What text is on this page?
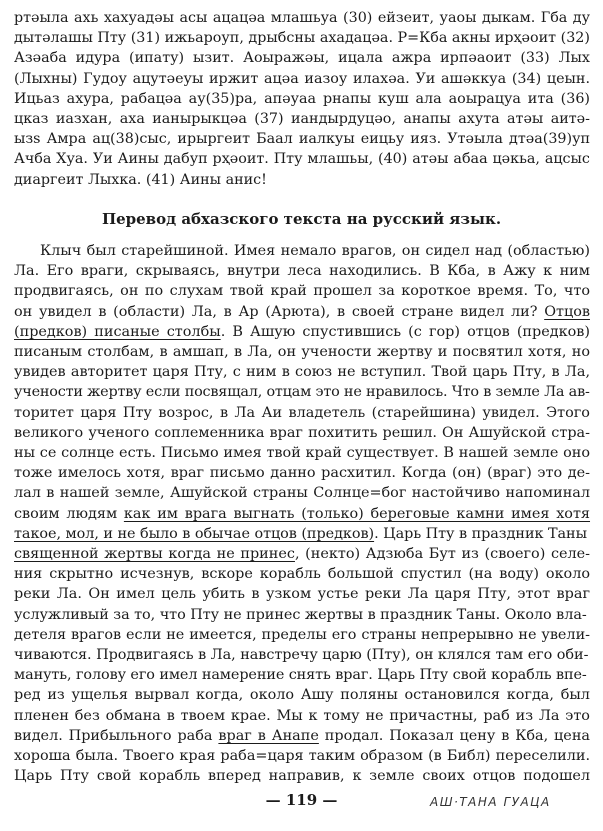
ртәыла ахь хахуадәы асы ацацәа млашьуа (30) ейзеит, уаоы дыкам. Гба ду
дытәлашы Пту (31) ижьароуп, дрыбсны ахадацәа. Р=Кба акны ирҳәоит (32)
Азәаба идура (ипату) ызит. Аоыражәы, ицала ажра ирпәаоит (33) Лых
(Лыхны) Гудоу ацутәеуы иржит ацәа иазоу илахәа. Уи ашәккуа (34) цеын.
Ицьаз ахура, рабацәа ау(35)ра, апәуаа рнапы куш ала аоырацуа ита (36)
цказ иазхан, аха ианырыкцәа (37) иандырдуцәо, анапы ахута атәы аитә-
ызs Амра ац(38)сыс, ирыргеит Баал иалкуы еицьу ияз. Утәыла дтәа(39)уп
Ачба Хуа. Уи Аины дабуп рҳәоит. Пту млашьы, (40) атәы абаа цәкьа, ацсыс
диаргеит Лыхка. (41) Аины анис!
Перевод абхазского текста на русский язык.
Клыч был старейшиной. Имея немало врагов, он сидел над (областью)
Ла. Его враги, скрываясь, внутри леса находились. В Кба, в Ажу к ним
продвигаясь, он по слухам твой край прошел за короткое время. То, что
он увидел в (области) Ла, в Ар (Арюта), в своей стране видел ли? Отцов
(предков) писаные столбы. В Ашую спустившись (с гор) отцов (предков)
писаным столбам, в амшап, в Ла, он учености жертву и посвятил хотя, но
увидев авторитет царя Пту, с ним в союз не вступил. Твой царь Пту, в Ла,
учености жертву если посвящал, отцам это не нравилось. Что в земле Ла ав-
торитет царя Пту возрос, в Ла Аи владетель (старейшина) увидел. Этого
великого ученого соплеменника враг похитить решил. Он Ашуйской стра-
ны се солнце есть. Письмо имея твой край существует. В нашей земле оно
тоже имелось хотя, враг письмо данно расхитил. Когда (он) (враг) это де-
лал в нашей земле, Ашуйской страны Солнце=бог настойчиво напоминал
своим людям как им врага выгнать (только) береговые камни имея хотя
такое, мол, и не было в обычае отцов (предков). Царь Пту в праздник Таны
священной жертвы когда не принес, (некто) Адзюба Бут из (своего) селе-
ния скрытно исчезнув, вскоре корабль большой спустил (на воду) около
реки Ла. Он имел цель убить в узком устье реки Ла царя Пту, этот враг
услужливый за то, что Пту не принес жертвы в праздник Таны. Около вла-
детеля врагов если не имеется, пределы его страны непрерывно не увели-
чиваются. Продвигаясь в Ла, навстречу царю (Пту), он клялся там его оби-
мануть, голову его имел намерение снять враг. Царь Пту свой корабль впе-
ред из ущелья вырвал когда, около Ашу поляны остановился когда, был
пленен без обмана в твоем крае. Мы к тому не причастны, раб из Ла это
видел. Прибыльного раба враг в Анапе продал. Показал цену в Кба, цена
хороша была. Твоего края раба=царя таким образом (в Библ) переселили.
Царь Пту свой корабль вперед направив, к земле своих отцов подошел
— 119 —	АШ·ТАНА ГУАЦА
